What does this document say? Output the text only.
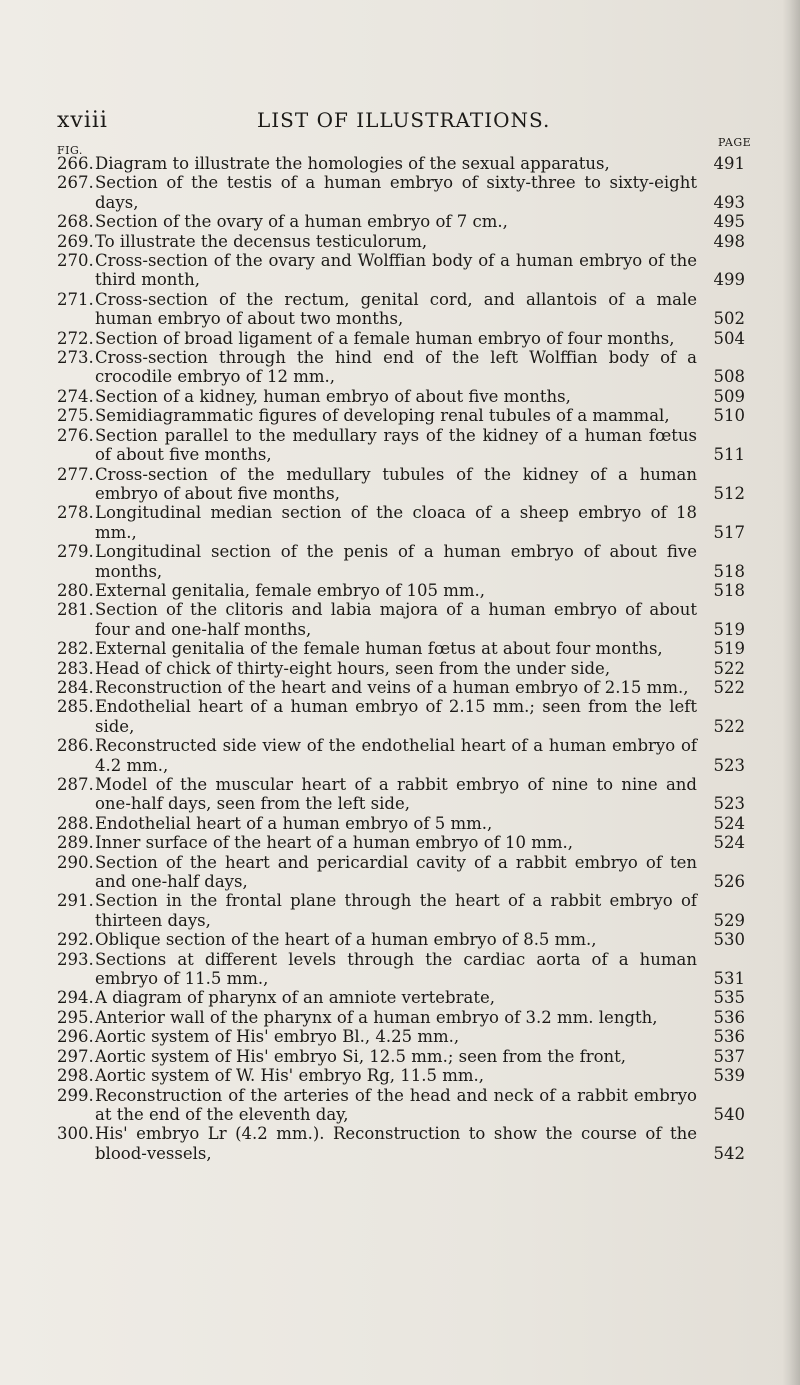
xviii	LIST OF ILLUSTRATIONS.
FIG.
PAGE
266. Diagram to illustrate the homologies of the sexual apparatus,	491
267. Section of the testis of a human embryo of sixty-three to sixty-eight days,	493
268. Section of the ovary of a human embryo of 7 cm.,	495
269. To illustrate the decensus testiculorum,	498
270. Cross-section of the ovary and Wolffian body of a human embryo of the third month,	499
271. Cross-section of the rectum, genital cord, and allantois of a male human embryo of about two months,	502
272. Section of broad ligament of a female human embryo of four months,	504
273. Cross-section through the hind end of the left Wolffian body of a crocodile embryo of 12 mm.,	508
274. Section of a kidney, human embryo of about five months,	509
275. Semidiagrammatic figures of developing renal tubules of a mammal,	510
276. Section parallel to the medullary rays of the kidney of a human fœtus of about five months,	511
277. Cross-section of the medullary tubules of the kidney of a human embryo of about five months,	512
278. Longitudinal median section of the cloaca of a sheep embryo of 18 mm.,	517
279. Longitudinal section of the penis of a human embryo of about five months,	518
280. External genitalia, female embryo of 105 mm.,	518
281. Section of the clitoris and labia majora of a human embryo of about four and one-half months,	519
282. External genitalia of the female human fœtus at about four months,	519
283. Head of chick of thirty-eight hours, seen from the under side,	522
284. Reconstruction of the heart and veins of a human embryo of 2.15 mm.,	522
285. Endothelial heart of a human embryo of 2.15 mm.; seen from the left side,	522
286. Reconstructed side view of the endothelial heart of a human embryo of 4.2 mm.,	523
287. Model of the muscular heart of a rabbit embryo of nine to nine and one-half days, seen from the left side,	523
288. Endothelial heart of a human embryo of 5 mm.,	524
289. Inner surface of the heart of a human embryo of 10 mm.,	524
290. Section of the heart and pericardial cavity of a rabbit embryo of ten and one-half days,	526
291. Section in the frontal plane through the heart of a rabbit embryo of thirteen days,	529
292. Oblique section of the heart of a human embryo of 8.5 mm.,	530
293. Sections at different levels through the cardiac aorta of a human embryo of 11.5 mm.,	531
294. A diagram of pharynx of an amniote vertebrate,	535
295. Anterior wall of the pharynx of a human embryo of 3.2 mm. length,	536
296. Aortic system of His' embryo Bl., 4.25 mm.,	536
297. Aortic system of His' embryo Si, 12.5 mm.; seen from the front,	537
298. Aortic system of W. His' embryo Rg, 11.5 mm.,	539
299. Reconstruction of the arteries of the head and neck of a rabbit embryo at the end of the eleventh day,	540
300. His' embryo Lr (4.2 mm.). Reconstruction to show the course of the blood-vessels,	542
